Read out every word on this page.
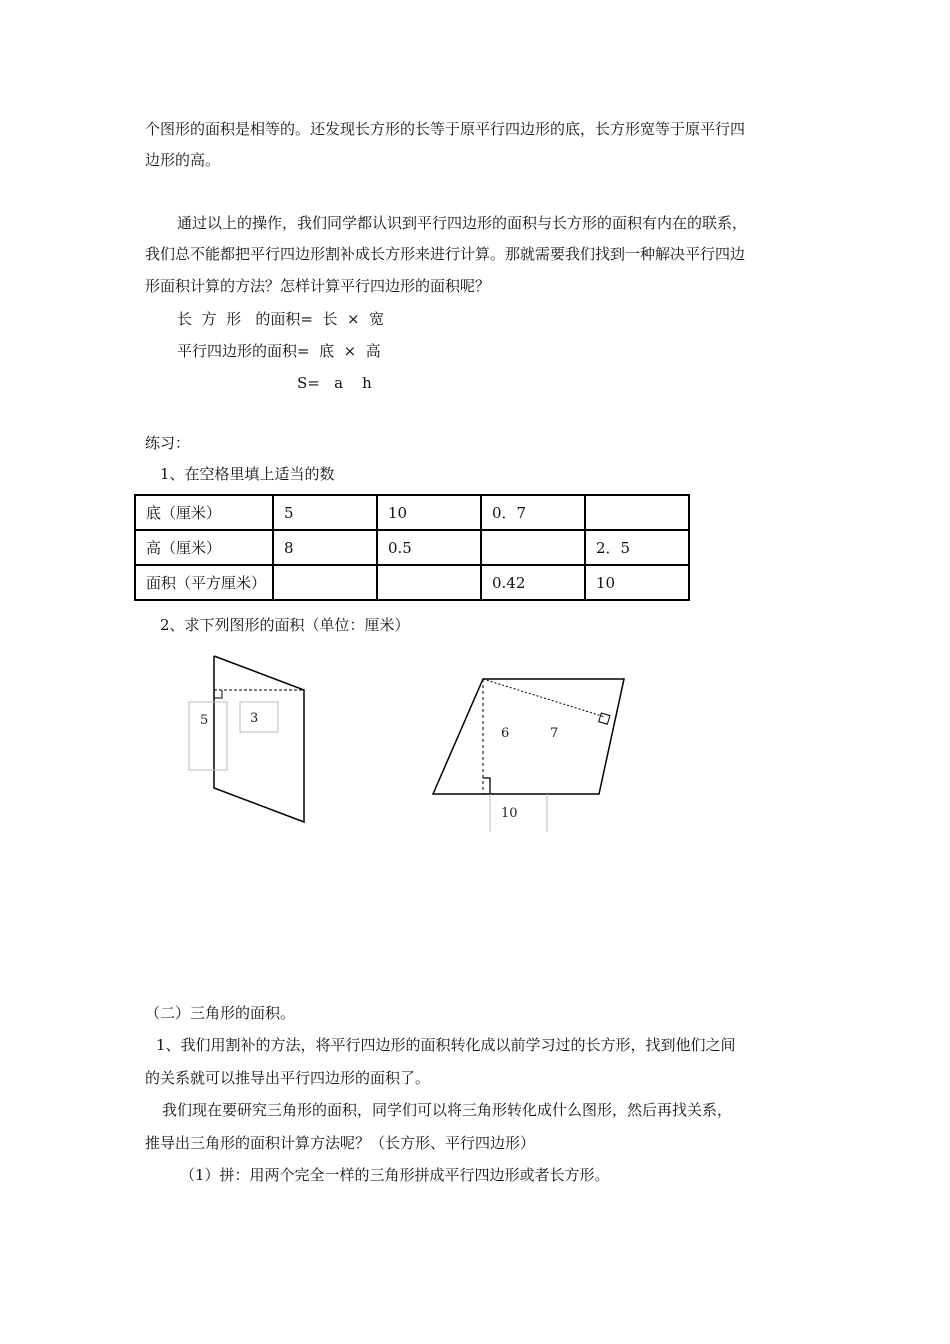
个图形的面积是相等的。还发现长方形的长等于原平行四边形的底，长方形宽等于原平行四
边形的高。
通过以上的操作，我们同学都认识到平行四边形的面积与长方形的面积有内在的联系，
我们总不能都把平行四边形割补成长方形来进行计算。那就需要我们找到一种解决平行四边
形面积计算的方法？怎样计算平行四边形的面积呢？
长  方  形   的面积=  长  ×  宽
平行四边形的面积=  底  ×  高
S=   a    h
练习：
1、在空格里填上适当的数
底（厘米）	5	10	0．7	
高（厘米）	8	0.5		2．5
面积（平方厘米）			0.42	10
2、求下列图形的面积（单位：厘米）
5	3
6	7
10
（二）三角形的面积。
1、我们用割补的方法，将平行四边形的面积转化成以前学习过的长方形，找到他们之间
的关系就可以推导出平行四边形的面积了。
我们现在要研究三角形的面积，同学们可以将三角形转化成什么图形，然后再找关系，
推导出三角形的面积计算方法呢？（长方形、平行四边形）
（1）拼：用两个完全一样的三角形拼成平行四边形或者长方形。
